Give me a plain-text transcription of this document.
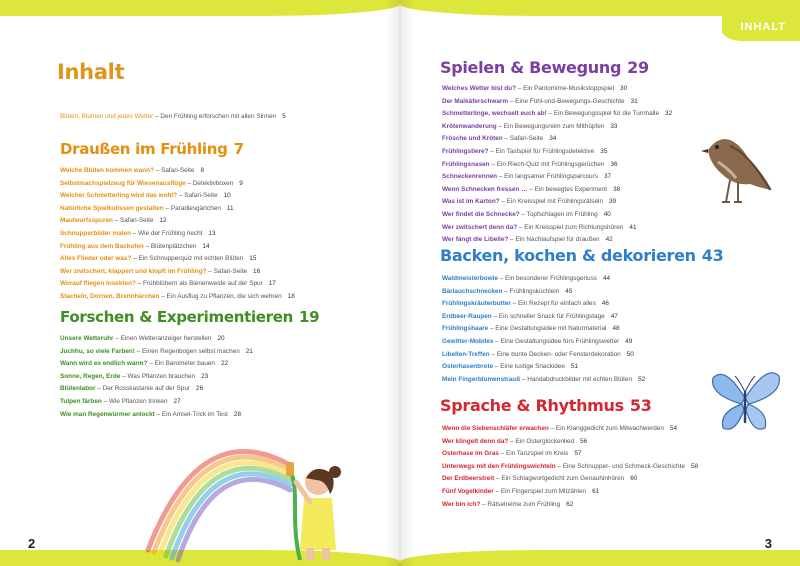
Inhalt
Blüten, Blumen und jedes Wetter – Den Frühling erforschen mit allen Sinnen 5
Draußen im Frühling 7
Welche Blüten kommen wann? – Safari-Seite 8
Selbstmachspielzeug für Wiesenausflüge – Detektivboxen 9
Welcher Schmetterling wird das wohl? – Safari-Seite 10
Natürliche Spielkulissen gestalten – Paradiesgärtchen 11
Maulwurfsspuren – Safari-Seite 12
Schnupperbilder malen – Wie der Frühling riecht 13
Frühling aus dem Backofen – Blütenplätzchen 14
Alles Flieder oder was? – Ein Schnupperquiz mit echten Blüten 15
Wer zwitschert, klappert und klopft im Frühling? – Safari-Seite 16
Worauf fliegen Insekten? – Frühblühern als Bienenweide auf der Spur 17
Stacheln, Dornen, Brennhärchen – Ein Ausflug zu Pflanzen, die sich wehren 18
Forschen & Experimentieren 19
Unsere Wetteruhr – Einen Wetteranzeiger herstellen 20
Juchhu, so viele Farben! – Einen Regenbogen selbst machen 21
Wann wird es endlich warm? – Ein Barometer bauen 22
Sonne, Regen, Erde – Was Pflanzen brauchen 23
Blütenlabor – Der Rosskastanie auf der Spur 26
Tulpen färben – Wie Pflanzen trinken 27
Wie man Regenwürmer anlockt – Ein Amsel-Trick im Test 28
2
INHALT
Spielen & Bewegung 29
Welches Wetter bist du? – Ein Pantomime-Musikstoppspiel 30
Der Maikäferschwarm – Eine Fühl-und-Bewegungs-Geschichte 31
Schmetterlinge, wechselt euch ab! – Ein Bewegungsspiel für die Turnhalle 32
Krötenwanderung – Ein Bewegungsreim zum Mithüpfen 33
Frösche und Kröten – Safari-Seite 34
Frühlingstiere? – Ein Tastspiel für Frühlingsdetektive 35
Frühlingsnasen – Ein Riech-Quiz mit Frühlingsgerüchen 36
Schneckenrennen – Ein langsamer Frühlingsparcours 37
Wenn Schnecken fressen … – Ein bewegtes Experiment 38
Was ist im Karton? – Ein Kreisspiel mit Frühlingsrätseln 39
Wer findet die Schnecke? – Topfschlagen im Frühling 40
Wer zwitschert denn da? – Ein Kreisspiel zum Richtungshören 41
Wer fängt die Libelle? – Ein Nachlaufspiel für draußen 42
Backen, kochen & dekorieren 43
Waldmeisterbowle – Ein besonderer Frühlingsgenuss 44
Bärlauchschnecken – Frühlingsküchlein 45
Frühlingskräuterbutter – Ein Rezept für einfach alles 46
Erdbeer-Raupen – Ein schneller Snack für Frühlingstage 47
Frühlingshaare – Eine Gestaltungsidee mit Naturmaterial 48
Gewitter-Mobiles – Eine Gestaltungsidee fürs Frühlingswetter 49
Libellen-Treffen – Eine bunte Decken- oder Fensterdekoration 50
Osterhasenbrote – Eine lustige Snackidee 51
Mein Fingerblumenstrauß – Handabdruckbilder mit echten Blüten 52
Sprache & Rhythmus 53
Wenn die Siebenschläfer erwachen – Ein Klanggedicht zum Mitwachwerden 54
Wer klingelt denn da? – Ein Osterglockenlied 56
Osterhase im Gras – Ein Tanzspiel im Kreis 57
Unterwegs mit den Frühlingswichteln – Eine Schnupper- und Schmeck-Geschichte 58
Der Erdbeerstreit – Ein Schlagwortgedicht zum Genauhinhören 60
Fünf Vogelkinder – Ein Fingerspiel zum Mitzählen 61
Wer bin ich? – Rätselreime zum Frühling 62
3
